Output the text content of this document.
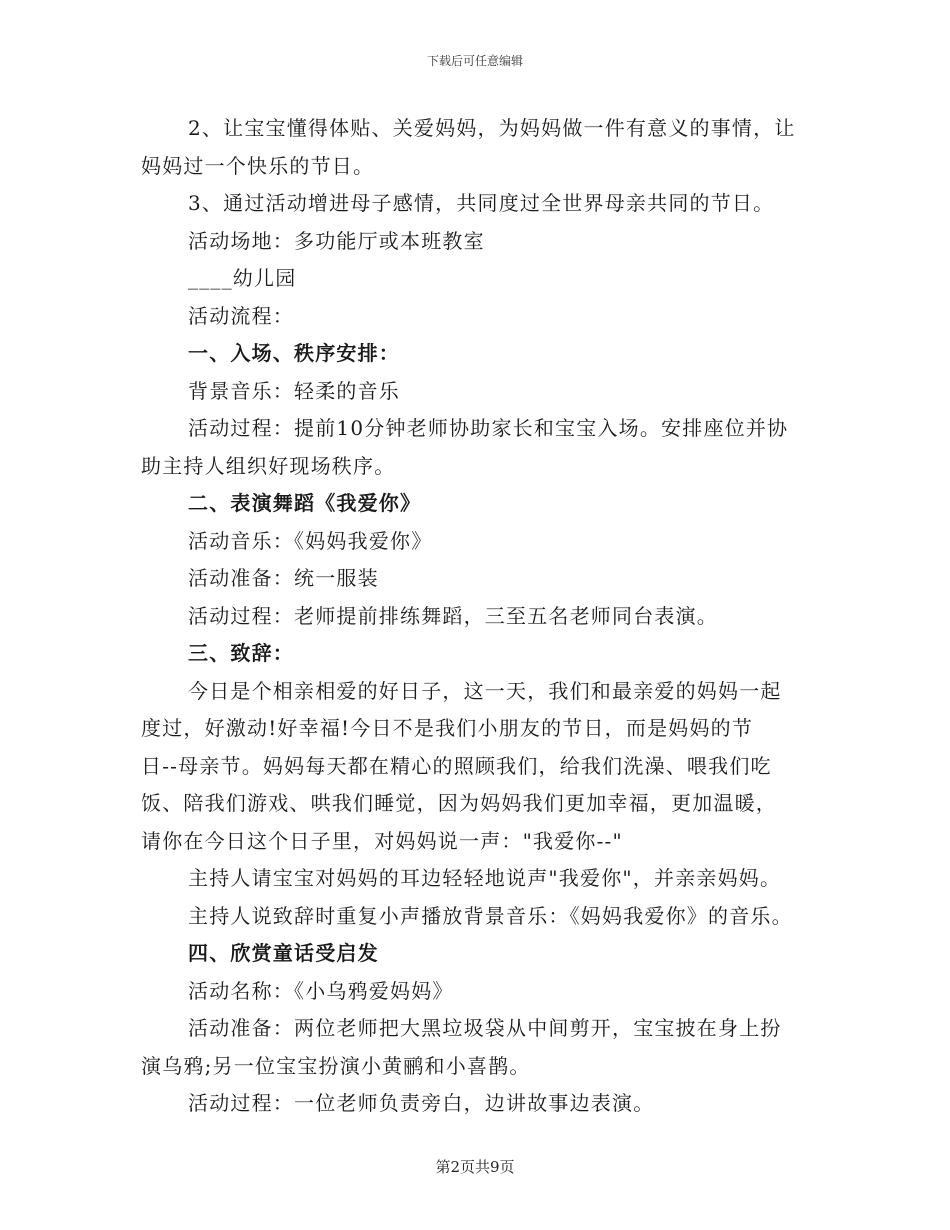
下载后可任意编辑
2、让宝宝懂得体贴、关爱妈妈，为妈妈做一件有意义的事情，让
妈妈过一个快乐的节日。
3、通过活动增进母子感情，共同度过全世界母亲共同的节日。
活动场地：多功能厅或本班教室
____幼儿园
活动流程：
一、入场、秩序安排：
背景音乐：轻柔的音乐
活动过程：提前10分钟老师协助家长和宝宝入场。安排座位并协
助主持人组织好现场秩序。
二、表演舞蹈《我爱你》
活动音乐：《妈妈我爱你》
活动准备：统一服装
活动过程：老师提前排练舞蹈，三至五名老师同台表演。
三、致辞：
今日是个相亲相爱的好日子，这一天，我们和最亲爱的妈妈一起
度过，好激动!好幸福!今日不是我们小朋友的节日，而是妈妈的节
日--母亲节。妈妈每天都在精心的照顾我们，给我们洗澡、喂我们吃
饭、陪我们游戏、哄我们睡觉，因为妈妈我们更加幸福，更加温暖，
请你在今日这个日子里，对妈妈说一声："我爱你--"
主持人请宝宝对妈妈的耳边轻轻地说声"我爱你"，并亲亲妈妈。
主持人说致辞时重复小声播放背景音乐：《妈妈我爱你》的音乐。
四、欣赏童话受启发
活动名称：《小乌鸦爱妈妈》
活动准备：两位老师把大黑垃圾袋从中间剪开，宝宝披在身上扮
演乌鸦;另一位宝宝扮演小黄鹂和小喜鹊。
活动过程：一位老师负责旁白，边讲故事边表演。
第2页共9页
